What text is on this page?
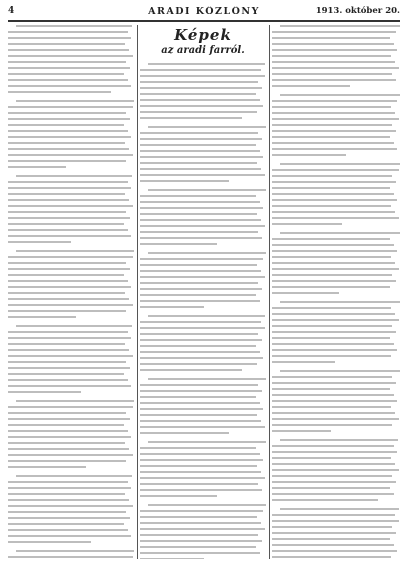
4	ARADI KÖZLÖNY	1913. október 20.
Képek
az aradi farról.
